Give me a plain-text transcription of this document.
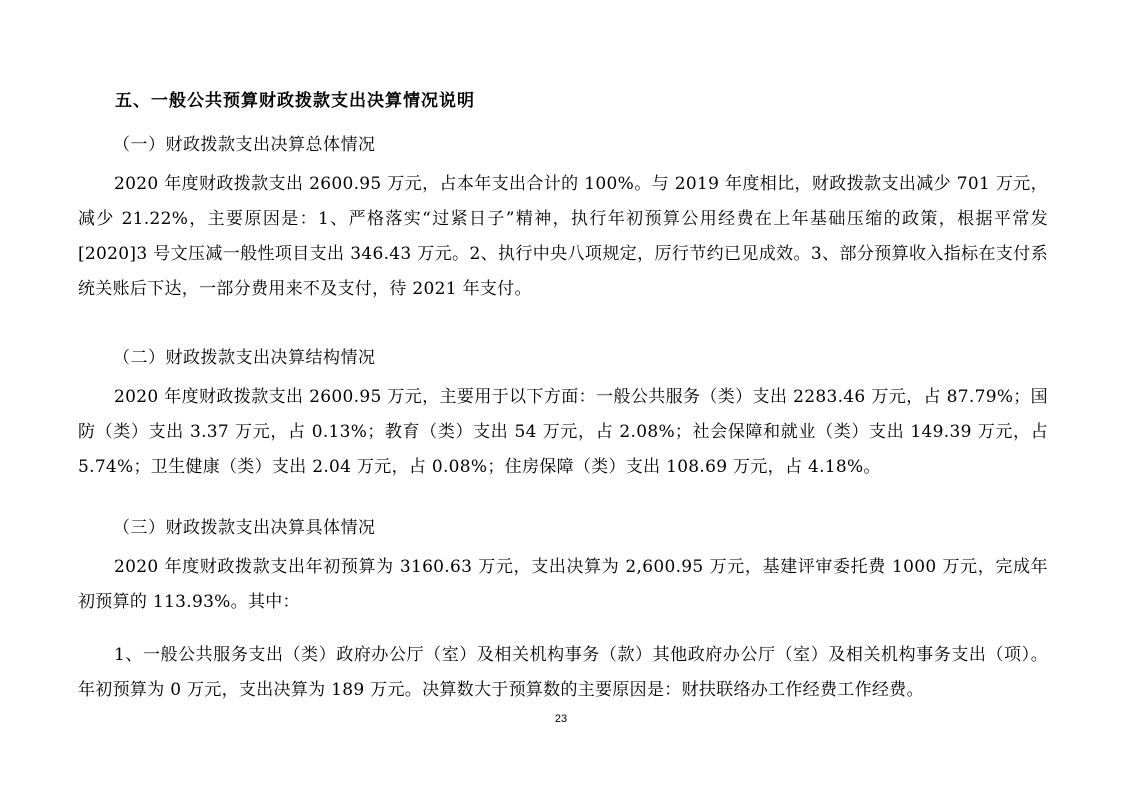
五、一般公共预算财政拨款支出决算情况说明
（一）财政拨款支出决算总体情况
2020 年度财政拨款支出 2600.95 万元，占本年支出合计的 100%。与 2019 年度相比，财政拨款支出减少 701 万元，减少 21.22%，主要原因是：1、严格落实“过紧日子”精神，执行年初预算公用经费在上年基础压缩的政策，根据平常发[2020]3 号文压减一般性项目支出 346.43 万元。2、执行中央八项规定，厉行节约已见成效。3、部分预算收入指标在支付系统关账后下达，一部分费用来不及支付，待 2021 年支付。
（二）财政拨款支出决算结构情况
2020 年度财政拨款支出 2600.95 万元，主要用于以下方面：一般公共服务（类）支出 2283.46 万元，占 87.79%；国防（类）支出 3.37 万元，占 0.13%；教育（类）支出 54 万元，占 2.08%；社会保障和就业（类）支出 149.39 万元，占 5.74%；卫生健康（类）支出 2.04 万元，占 0.08%；住房保障（类）支出 108.69 万元，占 4.18%。
（三）财政拨款支出决算具体情况
2020 年度财政拨款支出年初预算为 3160.63 万元，支出决算为 2,600.95 万元，基建评审委托费 1000 万元，完成年初预算的 113.93%。其中：
1、一般公共服务支出（类）政府办公厅（室）及相关机构事务（款）其他政府办公厅（室）及相关机构事务支出（项）。年初预算为 0 万元，支出决算为 189 万元。决算数大于预算数的主要原因是：财扶联络办工作经费工作经费。
23
